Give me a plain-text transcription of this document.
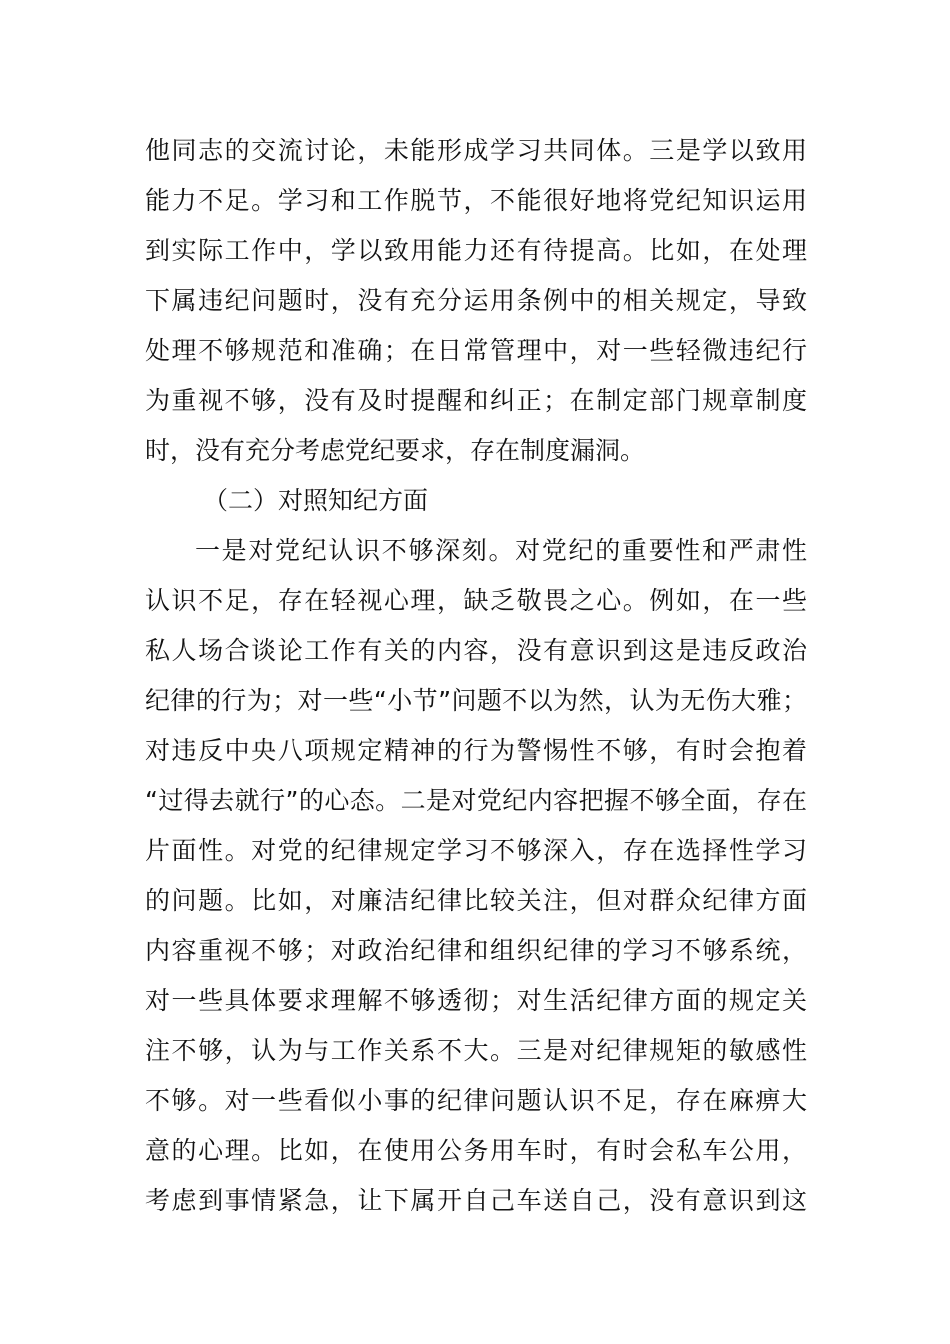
他同志的交流讨论，未能形成学习共同体。三是学以致用
能力不足。学习和工作脱节，不能很好地将党纪知识运用
到实际工作中，学以致用能力还有待提高。比如，在处理
下属违纪问题时，没有充分运用条例中的相关规定，导致
处理不够规范和准确；在日常管理中，对一些轻微违纪行
为重视不够，没有及时提醒和纠正；在制定部门规章制度
时，没有充分考虑党纪要求，存在制度漏洞。
（二）对照知纪方面
一是对党纪认识不够深刻。对党纪的重要性和严肃性
认识不足，存在轻视心理，缺乏敬畏之心。例如，在一些
私人场合谈论工作有关的内容，没有意识到这是违反政治
纪律的行为；对一些“小节”问题不以为然，认为无伤大雅；
对违反中央八项规定精神的行为警惕性不够，有时会抱着
“过得去就行”的心态。二是对党纪内容把握不够全面，存在
片面性。对党的纪律规定学习不够深入，存在选择性学习
的问题。比如，对廉洁纪律比较关注，但对群众纪律方面
内容重视不够；对政治纪律和组织纪律的学习不够系统，
对一些具体要求理解不够透彻；对生活纪律方面的规定关
注不够，认为与工作关系不大。三是对纪律规矩的敏感性
不够。对一些看似小事的纪律问题认识不足，存在麻痹大
意的心理。比如，在使用公务用车时，有时会私车公用，
考虑到事情紧急，让下属开自己车送自己，没有意识到这
